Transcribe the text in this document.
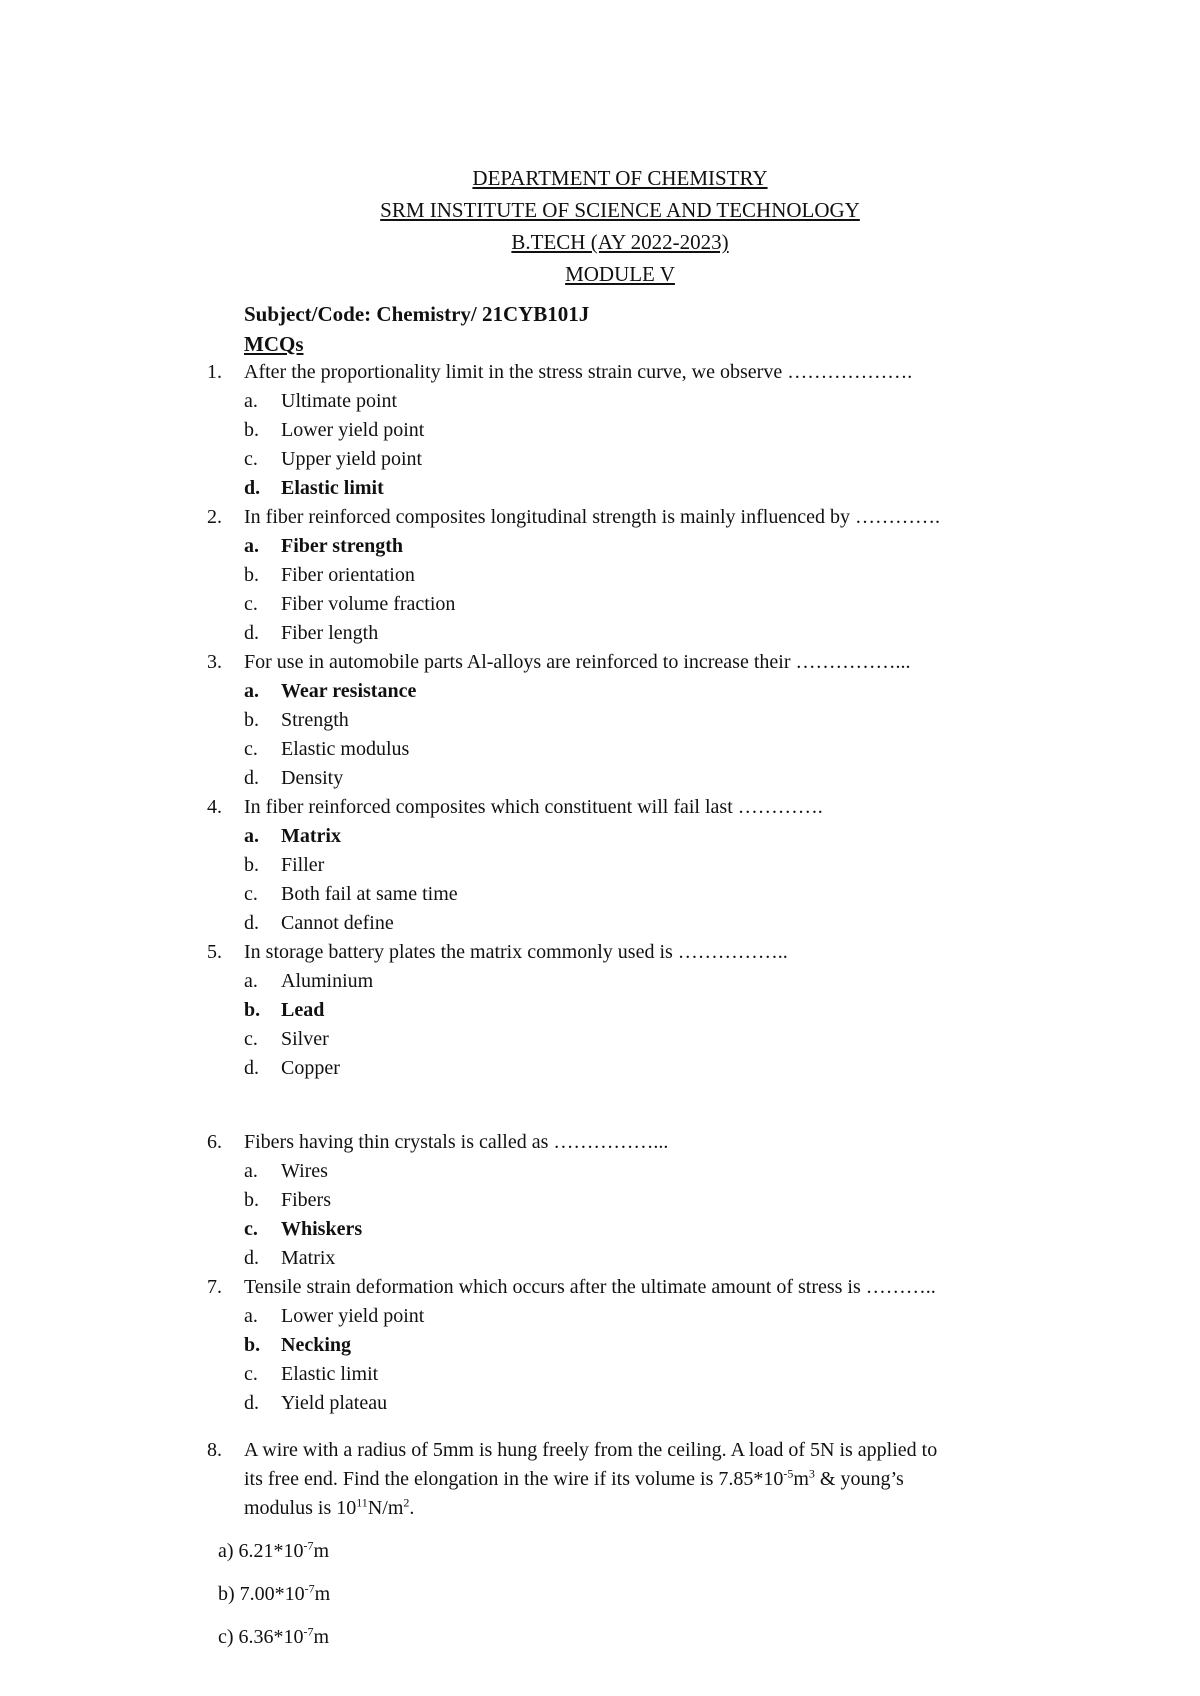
DEPARTMENT OF CHEMISTRY
SRM INSTITUTE OF SCIENCE AND TECHNOLOGY
B.TECH (AY 2022-2023)
MODULE V
Subject/Code: Chemistry/ 21CYB101J
MCQs
1. After the proportionality limit in the stress strain curve, we observe ……………….
a. Ultimate point
b. Lower yield point
c. Upper yield point
d. Elastic limit
2. In fiber reinforced composites longitudinal strength is mainly influenced by ………….
a. Fiber strength
b. Fiber orientation
c. Fiber volume fraction
d. Fiber length
3. For use in automobile parts Al-alloys are reinforced to increase their ……………...
a. Wear resistance
b. Strength
c. Elastic modulus
d. Density
4. In fiber reinforced composites which constituent will fail last ………….
a. Matrix
b. Filler
c. Both fail at same time
d. Cannot define
5. In storage battery plates the matrix commonly used is ……………..
a. Aluminium
b. Lead
c. Silver
d. Copper
6. Fibers having thin crystals is called as ……………...
a. Wires
b. Fibers
c. Whiskers
d. Matrix
7. Tensile strain deformation which occurs after the ultimate amount of stress is ………..
a. Lower yield point
b. Necking
c. Elastic limit
d. Yield plateau
8. A wire with a radius of 5mm is hung freely from the ceiling. A load of 5N is applied to
its free end. Find the elongation in the wire if its volume is $7.85*10^{-5}m^3$ & young’s
modulus is $10^{11}N/m^2$.
a) $6.21*10^{-7}m$
b) $7.00*10^{-7}m$
c) $6.36*10^{-7}m$
